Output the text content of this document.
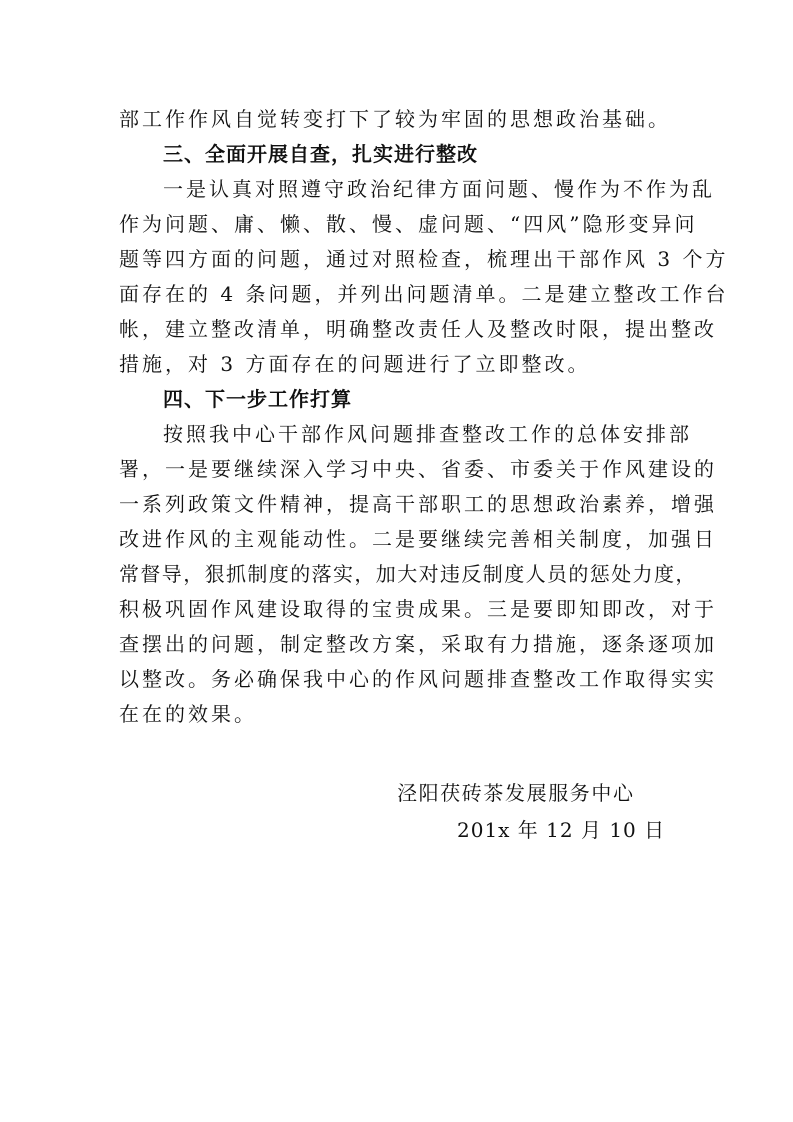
部工作作风自觉转变打下了较为牢固的思想政治基础。
三、全面开展自查，扎实进行整改
一是认真对照遵守政治纪律方面问题、慢作为不作为乱
作为问题、庸、懒、散、慢、虚问题、“四风”隐形变异问
题等四方面的问题，通过对照检查，梳理出干部作风 3 个方
面存在的 4 条问题，并列出问题清单。二是建立整改工作台
帐，建立整改清单，明确整改责任人及整改时限，提出整改
措施，对 3 方面存在的问题进行了立即整改。
四、下一步工作打算
按照我中心干部作风问题排查整改工作的总体安排部
署，一是要继续深入学习中央、省委、市委关于作风建设的
一系列政策文件精神，提高干部职工的思想政治素养，增强
改进作风的主观能动性。二是要继续完善相关制度，加强日
常督导，狠抓制度的落实，加大对违反制度人员的惩处力度，
积极巩固作风建设取得的宝贵成果。三是要即知即改，对于
查摆出的问题，制定整改方案，采取有力措施，逐条逐项加
以整改。务必确保我中心的作风问题排查整改工作取得实实
在在的效果。
泾阳茯砖茶发展服务中心
201x 年 12 月 10 日
